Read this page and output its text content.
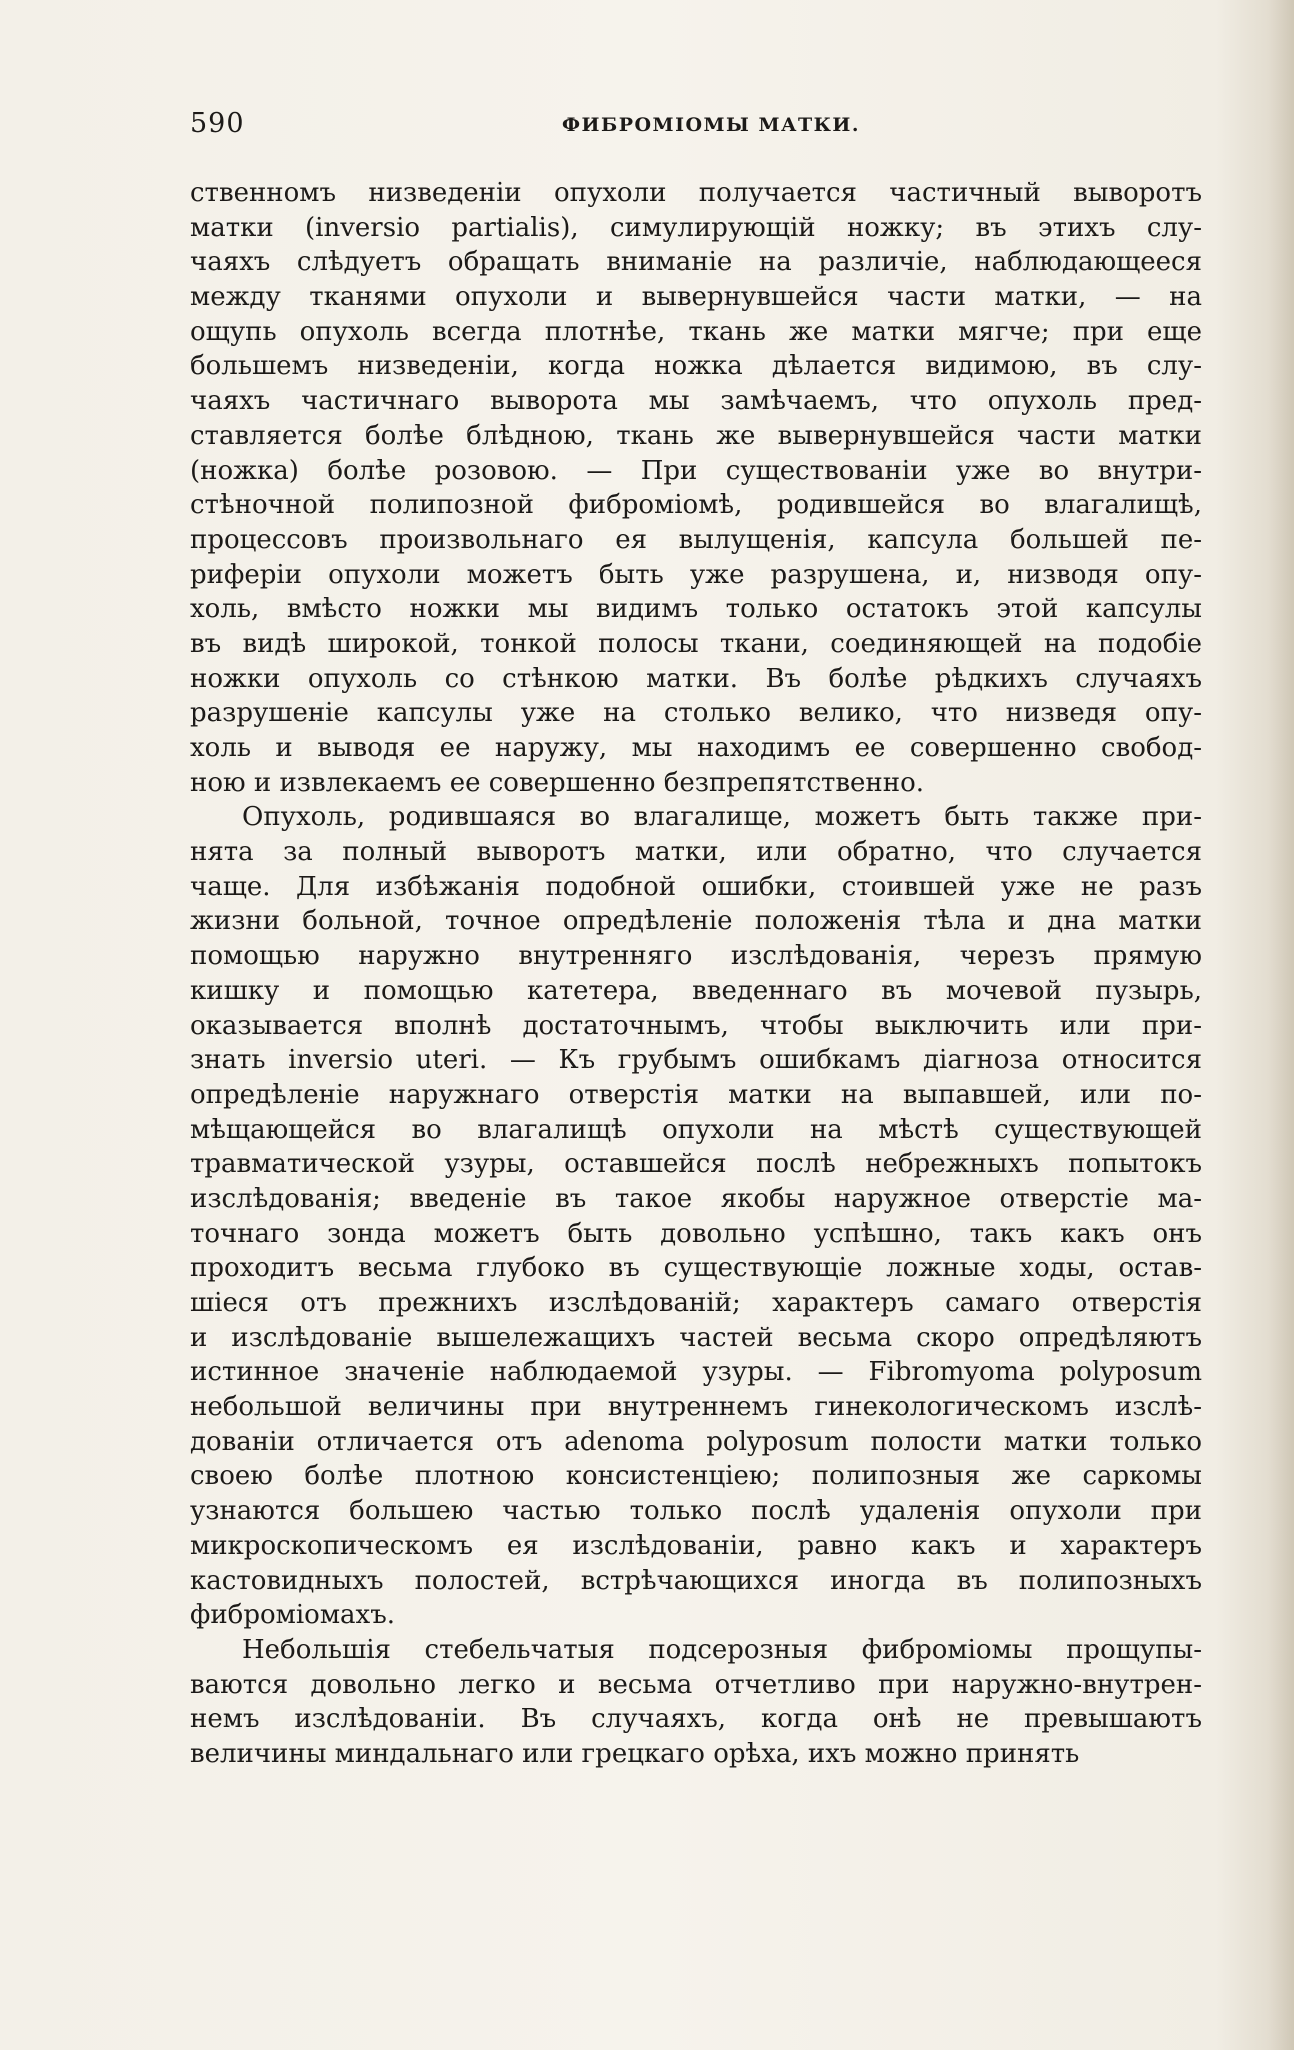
590	ФИБРОМІОМЫ МАТКИ.
ственномъ низведеніи опухоли получается частичный выворотъ
матки (inversio partialis), симулирующій ножку; въ этихъ слу-
чаяхъ слѣдуетъ обращать вниманіе на различіе, наблюдающееся
между тканями опухоли и вывернувшейся части матки, — на
ощупь опухоль всегда плотнѣе, ткань же матки мягче; при еще
большемъ низведеніи, когда ножка дѣлается видимою, въ слу-
чаяхъ частичнаго выворота мы замѣчаемъ, что опухоль пред-
ставляется болѣе блѣдною, ткань же вывернувшейся части матки
(ножка) болѣе розовою. — При существованіи уже во внутри-
стѣночной полипозной фиброміомѣ, родившейся во влагалищѣ,
процессовъ произвольнаго ея вылущенія, капсула большей пе-
риферіи опухоли можетъ быть уже разрушена, и, низводя опу-
холь, вмѣсто ножки мы видимъ только остатокъ этой капсулы
въ видѣ широкой, тонкой полосы ткани, соединяющей на подобіе
ножки опухоль со стѣнкою матки. Въ болѣе рѣдкихъ случаяхъ
разрушеніе капсулы уже на столько велико, что низведя опу-
холь и выводя ее наружу, мы находимъ ее совершенно свобод-
ною и извлекаемъ ее совершенно безпрепятственно.
Опухоль, родившаяся во влагалище, можетъ быть также при-
нята за полный выворотъ матки, или обратно, что случается
чаще. Для избѣжанія подобной ошибки, стоившей уже не разъ
жизни больной, точное опредѣленіе положенія тѣла и дна матки
помощью наружно внутренняго изслѣдованія, черезъ прямую
кишку и помощью катетера, введеннаго въ мочевой пузырь,
оказывается вполнѣ достаточнымъ, чтобы выключить или при-
знать inversio uteri. — Къ грубымъ ошибкамъ діагноза относится
опредѣленіе наружнаго отверстія матки на выпавшей, или по-
мѣщающейся во влагалищѣ опухоли на мѣстѣ существующей
травматической узуры, оставшейся послѣ небрежныхъ попытокъ
изслѣдованія; введеніе въ такое якобы наружное отверстіе ма-
точнаго зонда можетъ быть довольно успѣшно, такъ какъ онъ
проходитъ весьма глубоко въ существующіе ложные ходы, остав-
шіеся отъ прежнихъ изслѣдованій; характеръ самаго отверстія
и изслѣдованіе вышележащихъ частей весьма скоро опредѣляютъ
истинное значеніе наблюдаемой узуры. — Fibromyoma polyposum
небольшой величины при внутреннемъ гинекологическомъ изслѣ-
дованіи отличается отъ adenoma polyposum полости матки только
своею болѣе плотною консистенціею; полипозныя же саркомы
узнаются большею частью только послѣ удаленія опухоли при
микроскопическомъ ея изслѣдованіи, равно какъ и характеръ
кастовидныхъ полостей, встрѣчающихся иногда въ полипозныхъ
фиброміомахъ.
Небольшія стебельчатыя подсерозныя фиброміомы прощупы-
ваются довольно легко и весьма отчетливо при наружно-внутрен-
немъ изслѣдованіи. Въ случаяхъ, когда онѣ не превышаютъ
величины миндальнаго или грецкаго орѣха, ихъ можно принять
